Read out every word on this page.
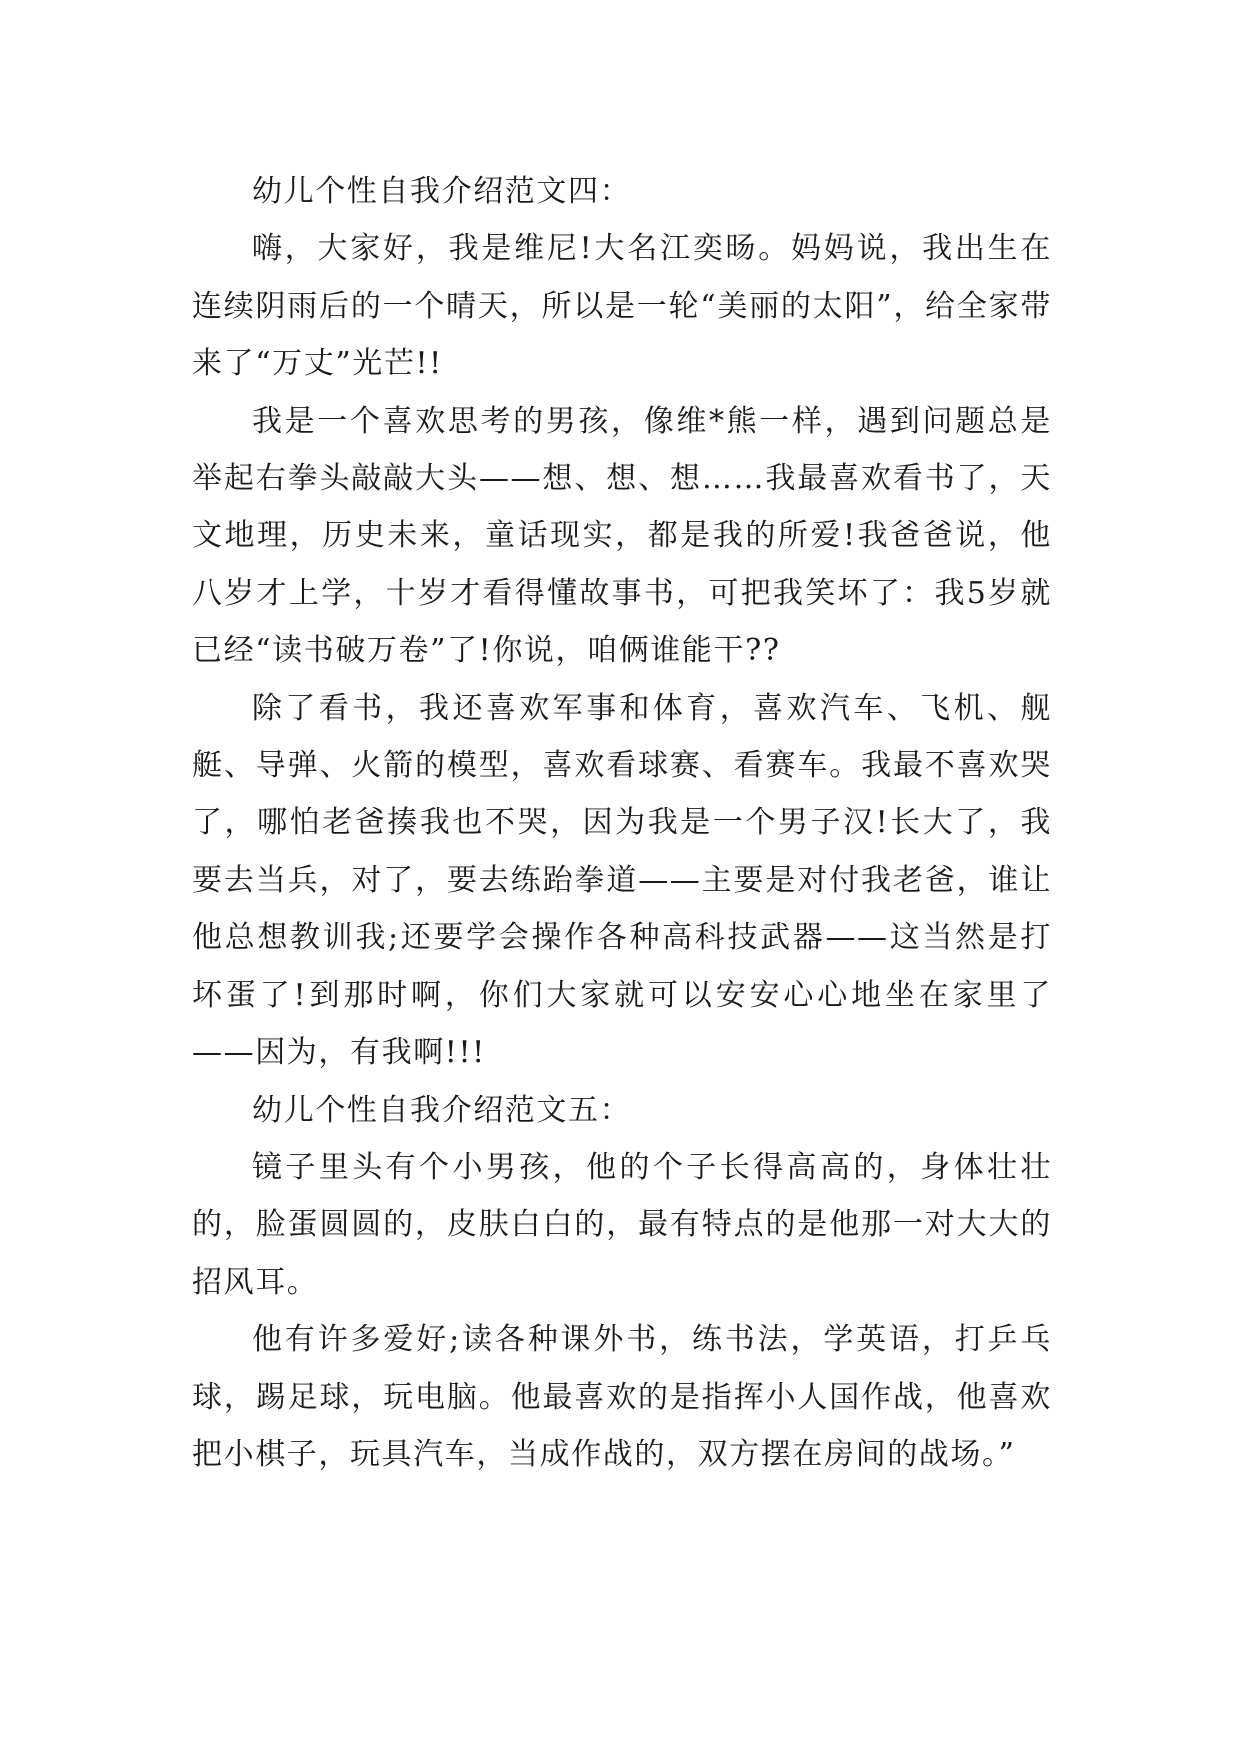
幼儿个性自我介绍范文四：

嗨，大家好，我是维尼!大名江奕旸。妈妈说，我出生在连续阴雨后的一个晴天，所以是一轮“美丽的太阳”，给全家带来了“万丈”光芒!!

我是一个喜欢思考的男孩，像维*熊一样，遇到问题总是举起右拳头敲敲大头——想、想、想……我最喜欢看书了，天文地理，历史未来，童话现实，都是我的所爱!我爸爸说，他八岁才上学，十岁才看得懂故事书，可把我笑坏了：我5岁就已经“读书破万卷”了!你说，咱俩谁能干??

除了看书，我还喜欢军事和体育，喜欢汽车、飞机、舰艇、导弹、火箭的模型，喜欢看球赛、看赛车。我最不喜欢哭了，哪怕老爸揍我也不哭，因为我是一个男子汉!长大了，我要去当兵，对了，要去练跆拳道——主要是对付我老爸，谁让他总想教训我;还要学会操作各种高科技武器——这当然是打坏蛋了!到那时啊，你们大家就可以安安心心地坐在家里了——因为，有我啊!!!

幼儿个性自我介绍范文五：

镜子里头有个小男孩，他的个子长得高高的，身体壮壮的，脸蛋圆圆的，皮肤白白的，最有特点的是他那一对大大的招风耳。

他有许多爱好;读各种课外书，练书法，学英语，打乒乓球，踢足球，玩电脑。他最喜欢的是指挥小人国作战，他喜欢把小棋子，玩具汽车，当成作战的，双方摆在房间的战场。”
